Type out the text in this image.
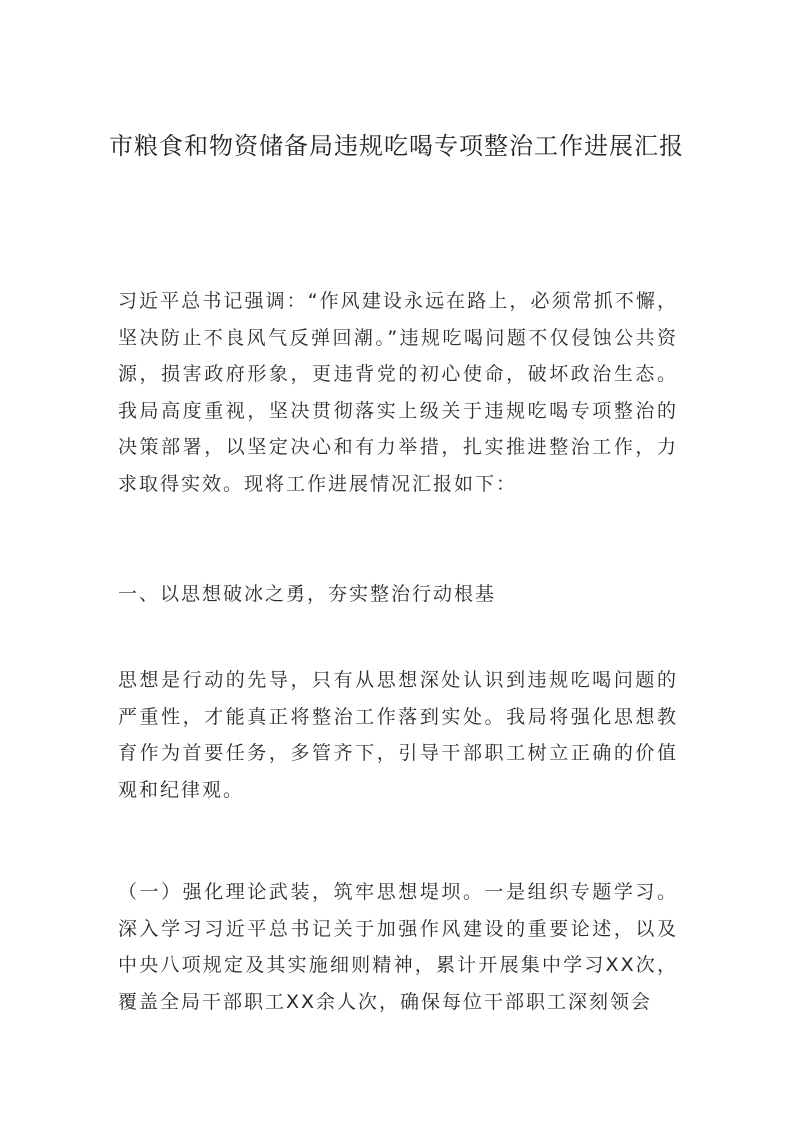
市粮食和物资储备局违规吃喝专项整治工作进展汇报

习近平总书记强调：“作风建设永远在路上，必须常抓不懈，坚决防止不良风气反弹回潮。”违规吃喝问题不仅侵蚀公共资源，损害政府形象，更违背党的初心使命，破坏政治生态。我局高度重视，坚决贯彻落实上级关于违规吃喝专项整治的决策部署，以坚定决心和有力举措，扎实推进整治工作，力求取得实效。现将工作进展情况汇报如下：

一、以思想破冰之勇，夯实整治行动根基

思想是行动的先导，只有从思想深处认识到违规吃喝问题的严重性，才能真正将整治工作落到实处。我局将强化思想教育作为首要任务，多管齐下，引导干部职工树立正确的价值观和纪律观。

（一）强化理论武装，筑牢思想堤坝。一是组织专题学习。深入学习习近平总书记关于加强作风建设的重要论述，以及中央八项规定及其实施细则精神，累计开展集中学习XX次，覆盖全局干部职工XX余人次，确保每位干部职工深刻领会
